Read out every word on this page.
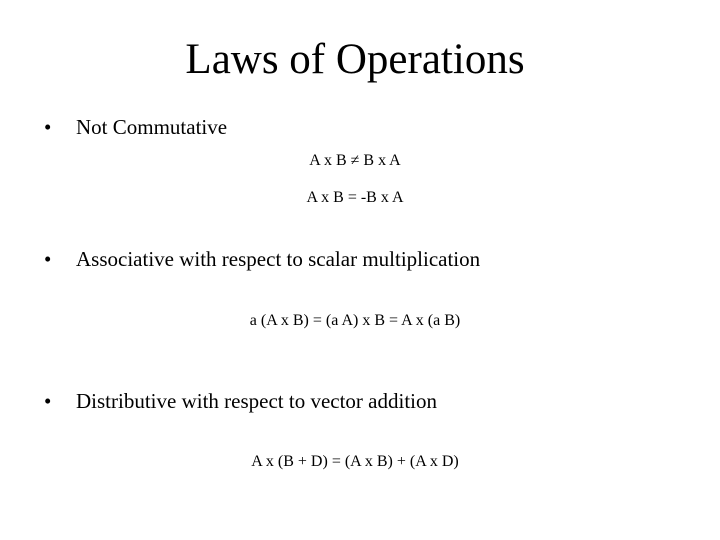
Laws of Operations
• Not Commutative
A x B ≠ B x A
A x B = -B x A
• Associative with respect to scalar multiplication
a (A x B) = (a A) x B = A x (a B)
• Distributive with respect to vector addition
A x (B + D) = (A x B) + (A x D)
